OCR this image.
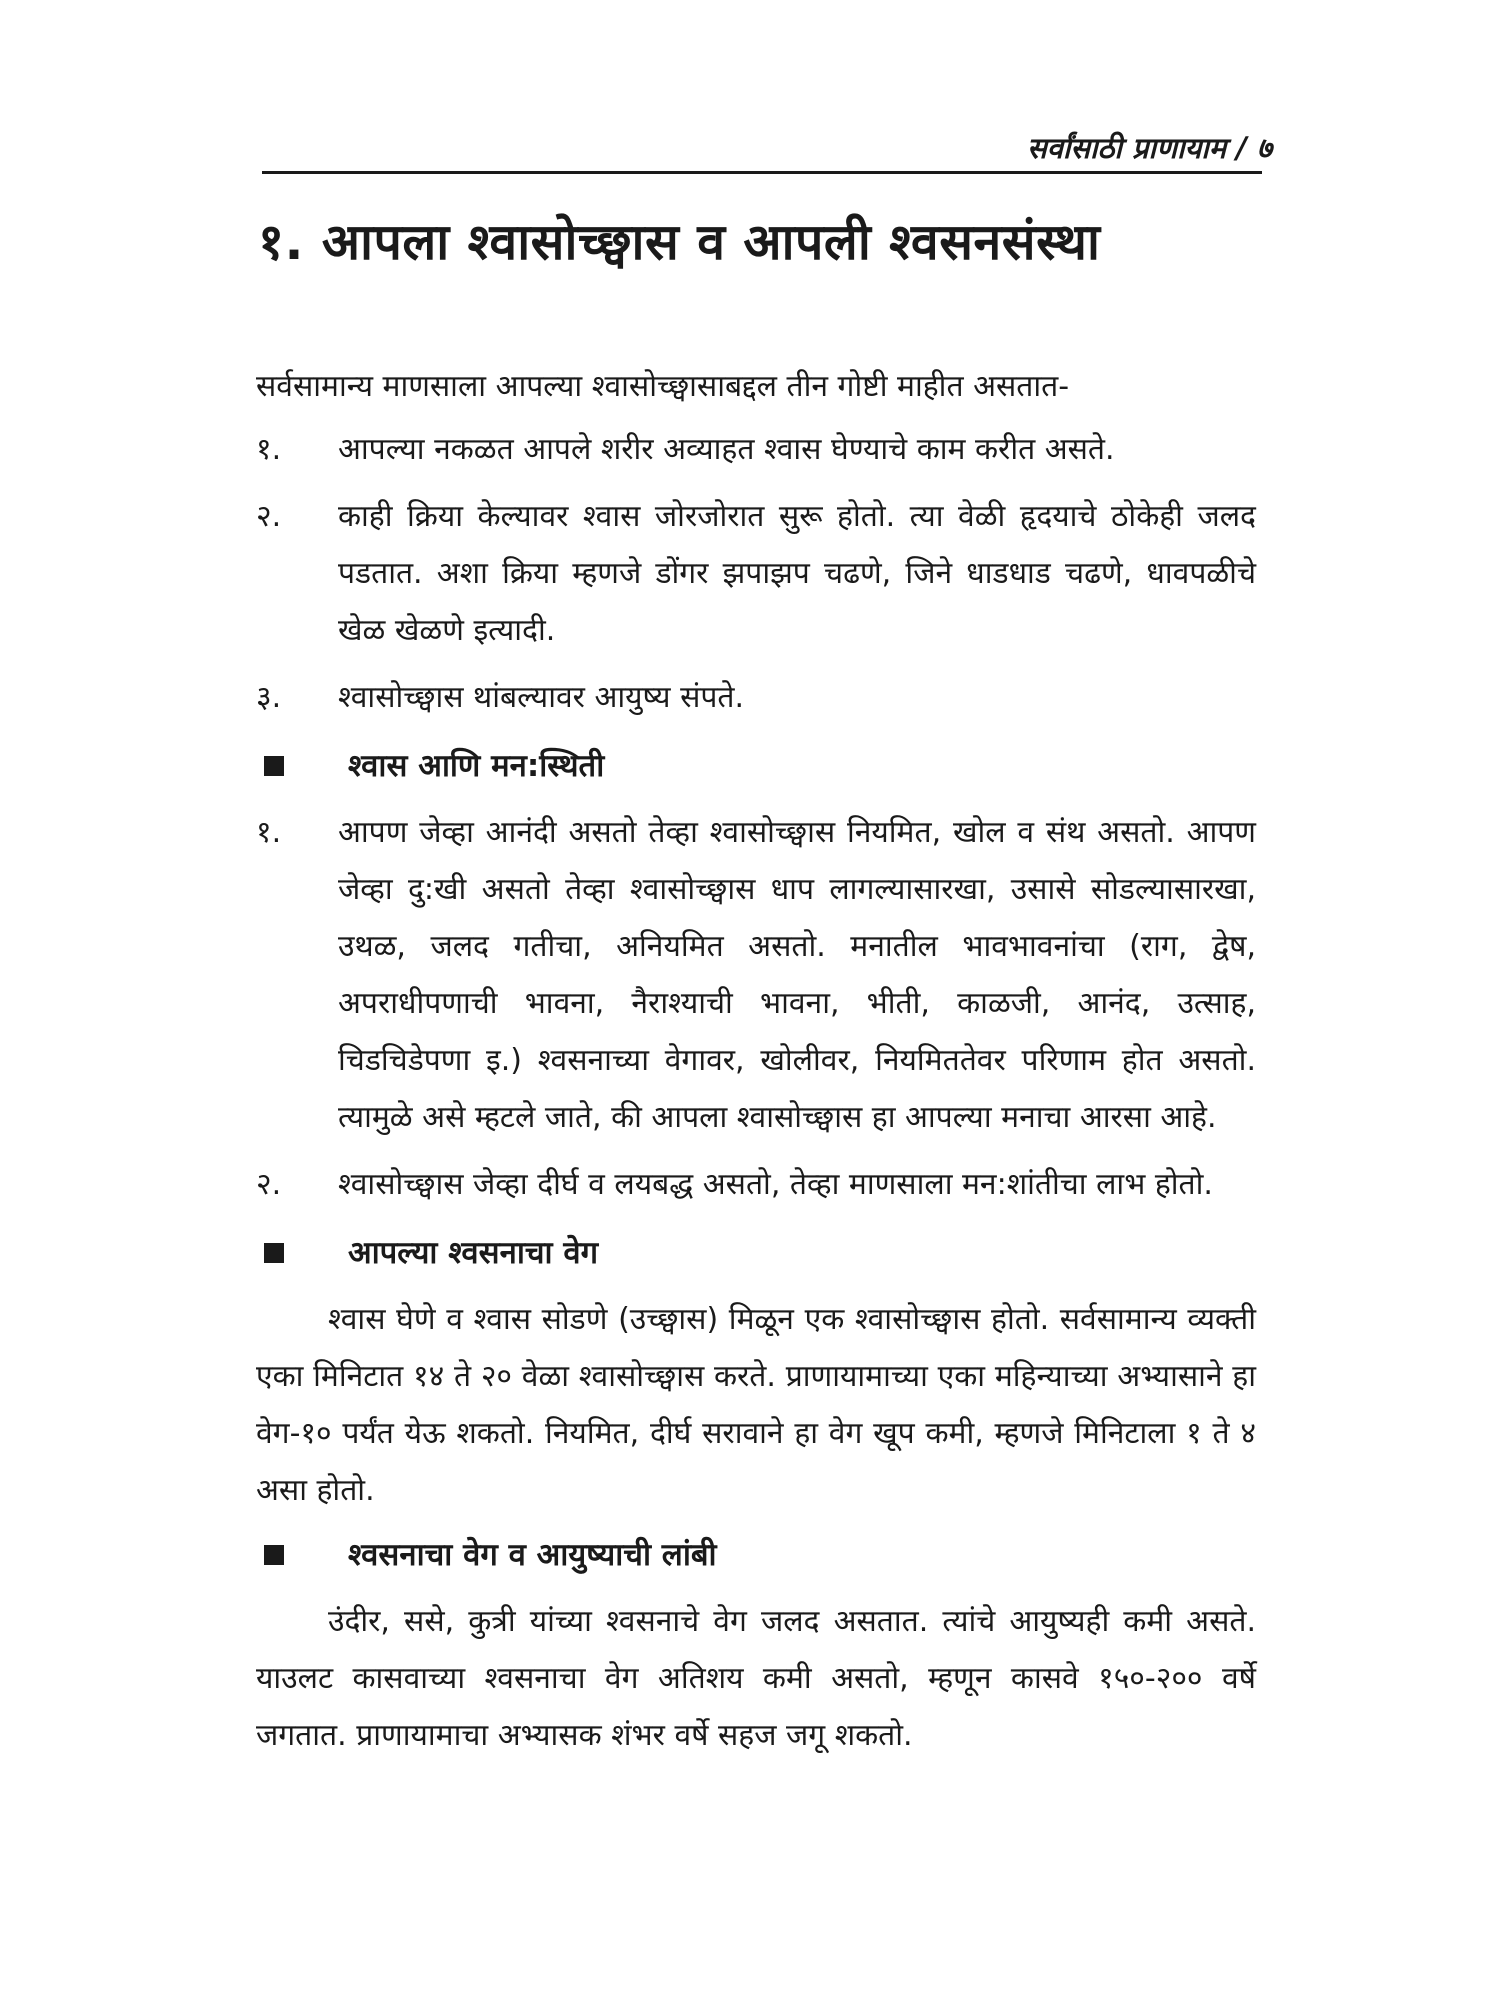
सर्वांसाठी प्राणायाम / ७
१. आपला श्वासोच्छ्वास व आपली श्वसनसंस्था

सर्वसामान्य माणसाला आपल्या श्वासोच्छ्वासाबद्दल तीन गोष्टी माहीत असतात-

१.	आपल्या नकळत आपले शरीर अव्याहत श्वास घेण्याचे काम करीत असते.
२.	काही क्रिया केल्यावर श्वास जोरजोरात सुरू होतो. त्या वेळी हृदयाचे ठोकेही जलद पडतात. अशा क्रिया म्हणजे डोंगर झपाझप चढणे, जिने धाडधाड चढणे, धावपळीचे खेळ खेळणे इत्यादी.
३.	श्वासोच्छ्वास थांबल्यावर आयुष्य संपते.
श्वास आणि मन:स्थिती
१.	आपण जेव्हा आनंदी असतो तेव्हा श्वासोच्छ्वास नियमित, खोल व संथ असतो. आपण जेव्हा दु:खी असतो तेव्हा श्वासोच्छ्वास धाप लागल्यासारखा, उसासे सोडल्यासारखा, उथळ, जलद गतीचा, अनियमित असतो. मनातील भावभावनांचा (राग, द्वेष, अपराधीपणाची भावना, नैराश्याची भावना, भीती, काळजी, आनंद, उत्साह, चिडचिडेपणा इ.) श्वसनाच्या वेगावर, खोलीवर, नियमिततेवर परिणाम होत असतो. त्यामुळे असे म्हटले जाते, की आपला श्वासोच्छ्वास हा आपल्या मनाचा आरसा आहे.
२.	श्वासोच्छ्वास जेव्हा दीर्घ व लयबद्ध असतो, तेव्हा माणसाला मन:शांतीचा लाभ होतो.
आपल्या श्वसनाचा वेग

श्वास घेणे व श्वास सोडणे (उच्छ्वास) मिळून एक श्वासोच्छ्वास होतो. सर्वसामान्य व्यक्ती एका मिनिटात १४ ते २० वेळा श्वासोच्छ्वास करते. प्राणायामाच्या एका महिन्याच्या अभ्यासाने हा वेग-१० पर्यंत येऊ शकतो. नियमित, दीर्घ सरावाने हा वेग खूप कमी, म्हणजे मिनिटाला १ ते ४ असा होतो.

श्वसनाचा वेग व आयुष्याची लांबी

उंदीर, ससे, कुत्री यांच्या श्वसनाचे वेग जलद असतात. त्यांचे आयुष्यही कमी असते. याउलट कासवाच्या श्वसनाचा वेग अतिशय कमी असतो, म्हणून कासवे १५०-२०० वर्षे जगतात. प्राणायामाचा अभ्यासक शंभर वर्षे सहज जगू शकतो.
